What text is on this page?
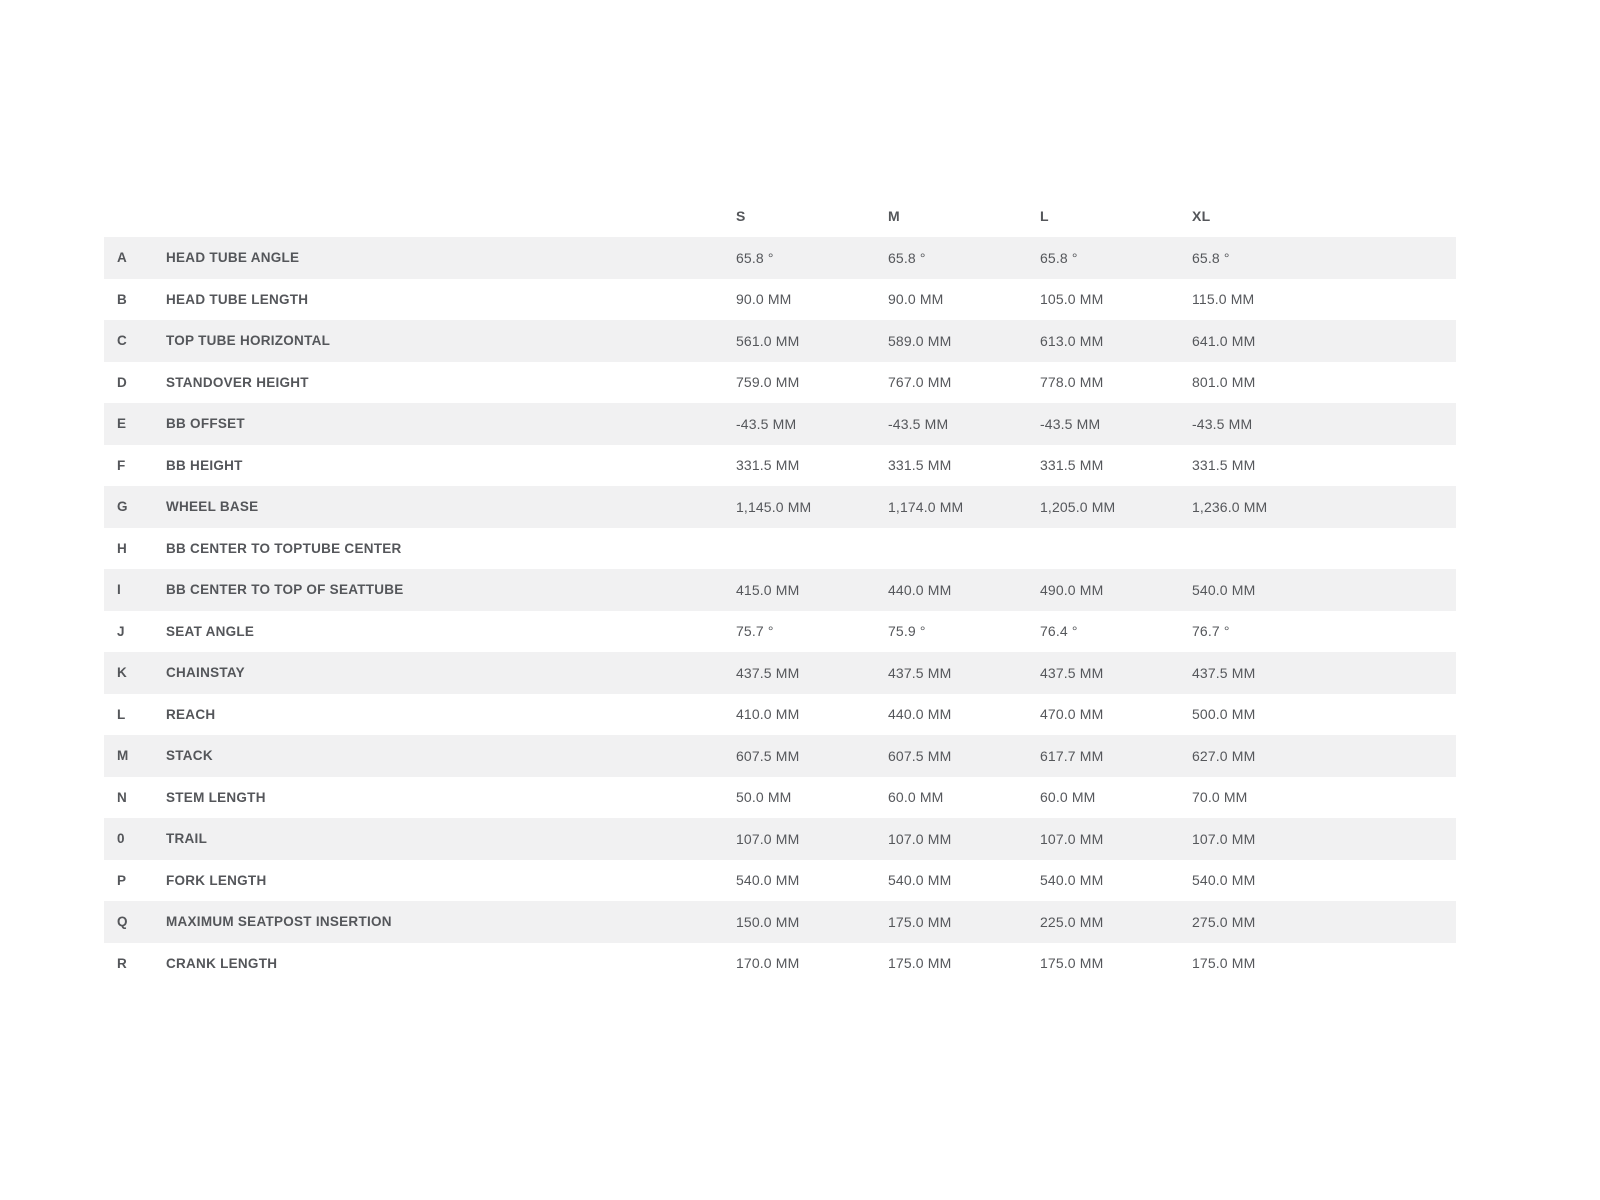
S	M	L	XL
A	HEAD TUBE ANGLE	65.8 °	65.8 °	65.8 °	65.8 °
B	HEAD TUBE LENGTH	90.0 MM	90.0 MM	105.0 MM	115.0 MM
C	TOP TUBE HORIZONTAL	561.0 MM	589.0 MM	613.0 MM	641.0 MM
D	STANDOVER HEIGHT	759.0 MM	767.0 MM	778.0 MM	801.0 MM
E	BB OFFSET	-43.5 MM	-43.5 MM	-43.5 MM	-43.5 MM
F	BB HEIGHT	331.5 MM	331.5 MM	331.5 MM	331.5 MM
G	WHEEL BASE	1,145.0 MM	1,174.0 MM	1,205.0 MM	1,236.0 MM
H	BB CENTER TO TOPTUBE CENTER
I	BB CENTER TO TOP OF SEATTUBE	415.0 MM	440.0 MM	490.0 MM	540.0 MM
J	SEAT ANGLE	75.7 °	75.9 °	76.4 °	76.7 °
K	CHAINSTAY	437.5 MM	437.5 MM	437.5 MM	437.5 MM
L	REACH	410.0 MM	440.0 MM	470.0 MM	500.0 MM
M	STACK	607.5 MM	607.5 MM	617.7 MM	627.0 MM
N	STEM LENGTH	50.0 MM	60.0 MM	60.0 MM	70.0 MM
0	TRAIL	107.0 MM	107.0 MM	107.0 MM	107.0 MM
P	FORK LENGTH	540.0 MM	540.0 MM	540.0 MM	540.0 MM
Q	MAXIMUM SEATPOST INSERTION	150.0 MM	175.0 MM	225.0 MM	275.0 MM
R	CRANK LENGTH	170.0 MM	175.0 MM	175.0 MM	175.0 MM
